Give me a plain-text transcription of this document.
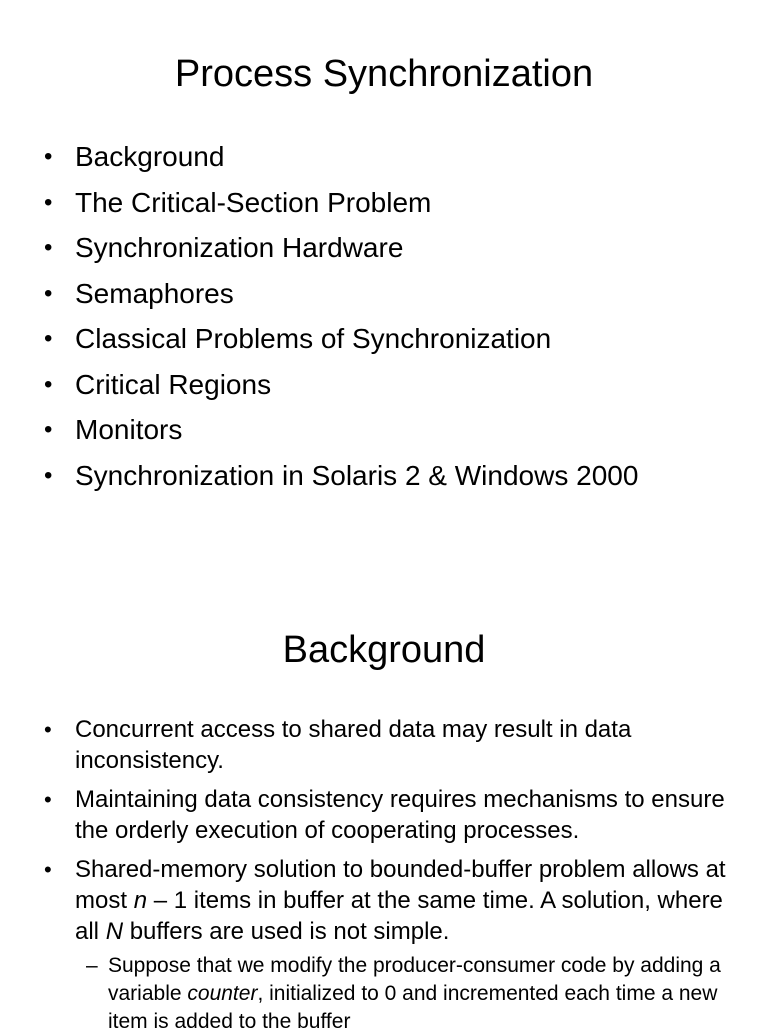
Process Synchronization
• Background
• The Critical-Section Problem
• Synchronization Hardware
• Semaphores
• Classical Problems of Synchronization
• Critical Regions
• Monitors
• Synchronization in Solaris 2 & Windows 2000
Background
• Concurrent access to shared data may result in data inconsistency.
• Maintaining data consistency requires mechanisms to ensure the orderly execution of cooperating processes.
• Shared-memory solution to bounded-buffer problem allows at most n – 1 items in buffer at the same time. A solution, where all N buffers are used is not simple.
– Suppose that we modify the producer-consumer code by adding a variable counter, initialized to 0 and incremented each time a new item is added to the buffer
